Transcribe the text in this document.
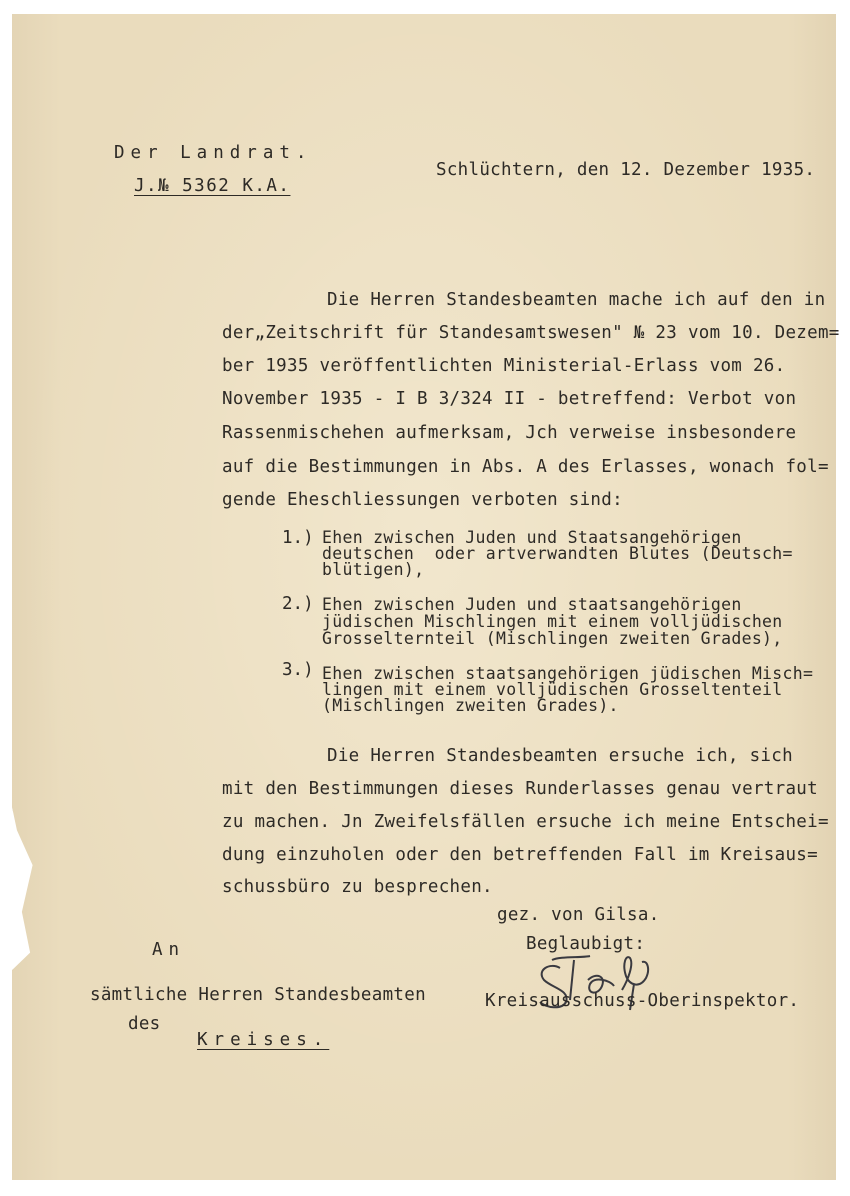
Der Landrat.
J.№ 5362 K.A.
Schlüchtern, den 12. Dezember 1935.
Die Herren Standesbeamten mache ich auf den in
der„Zeitschrift für Standesamtswesen" № 23 vom 10. Dezem=
ber 1935 veröffentlichten Ministerial-Erlass vom 26.
November 1935 - I B 3/324 II - betreffend: Verbot von
Rassenmischehen aufmerksam, Jch verweise insbesondere
auf die Bestimmungen in Abs. A des Erlasses, wonach fol=
gende Eheschliessungen verboten sind:
1.) Ehen zwischen Juden und Staatsangehörigen
deutschen  oder artverwandten Blutes (Deutsch=
blütigen),
2.) Ehen zwischen Juden und staatsangehörigen
jüdischen Mischlingen mit einem volljüdischen
Grosselternteil (Mischlingen zweiten Grades),
3.) Ehen zwischen staatsangehörigen jüdischen Misch=
lingen mit einem volljüdischen Grosseltenteil
(Mischlingen zweiten Grades).
Die Herren Standesbeamten ersuche ich, sich
mit den Bestimmungen dieses Runderlasses genau vertraut
zu machen. Jn Zweifelsfällen ersuche ich meine Entschei=
dung einzuholen oder den betreffenden Fall im Kreisaus=
schussbüro zu besprechen.
gez. von Gilsa.
Beglaubigt:
Kreisausschuss-Oberinspektor.
An
sämtliche Herren Standesbeamten
des
Kreises.
